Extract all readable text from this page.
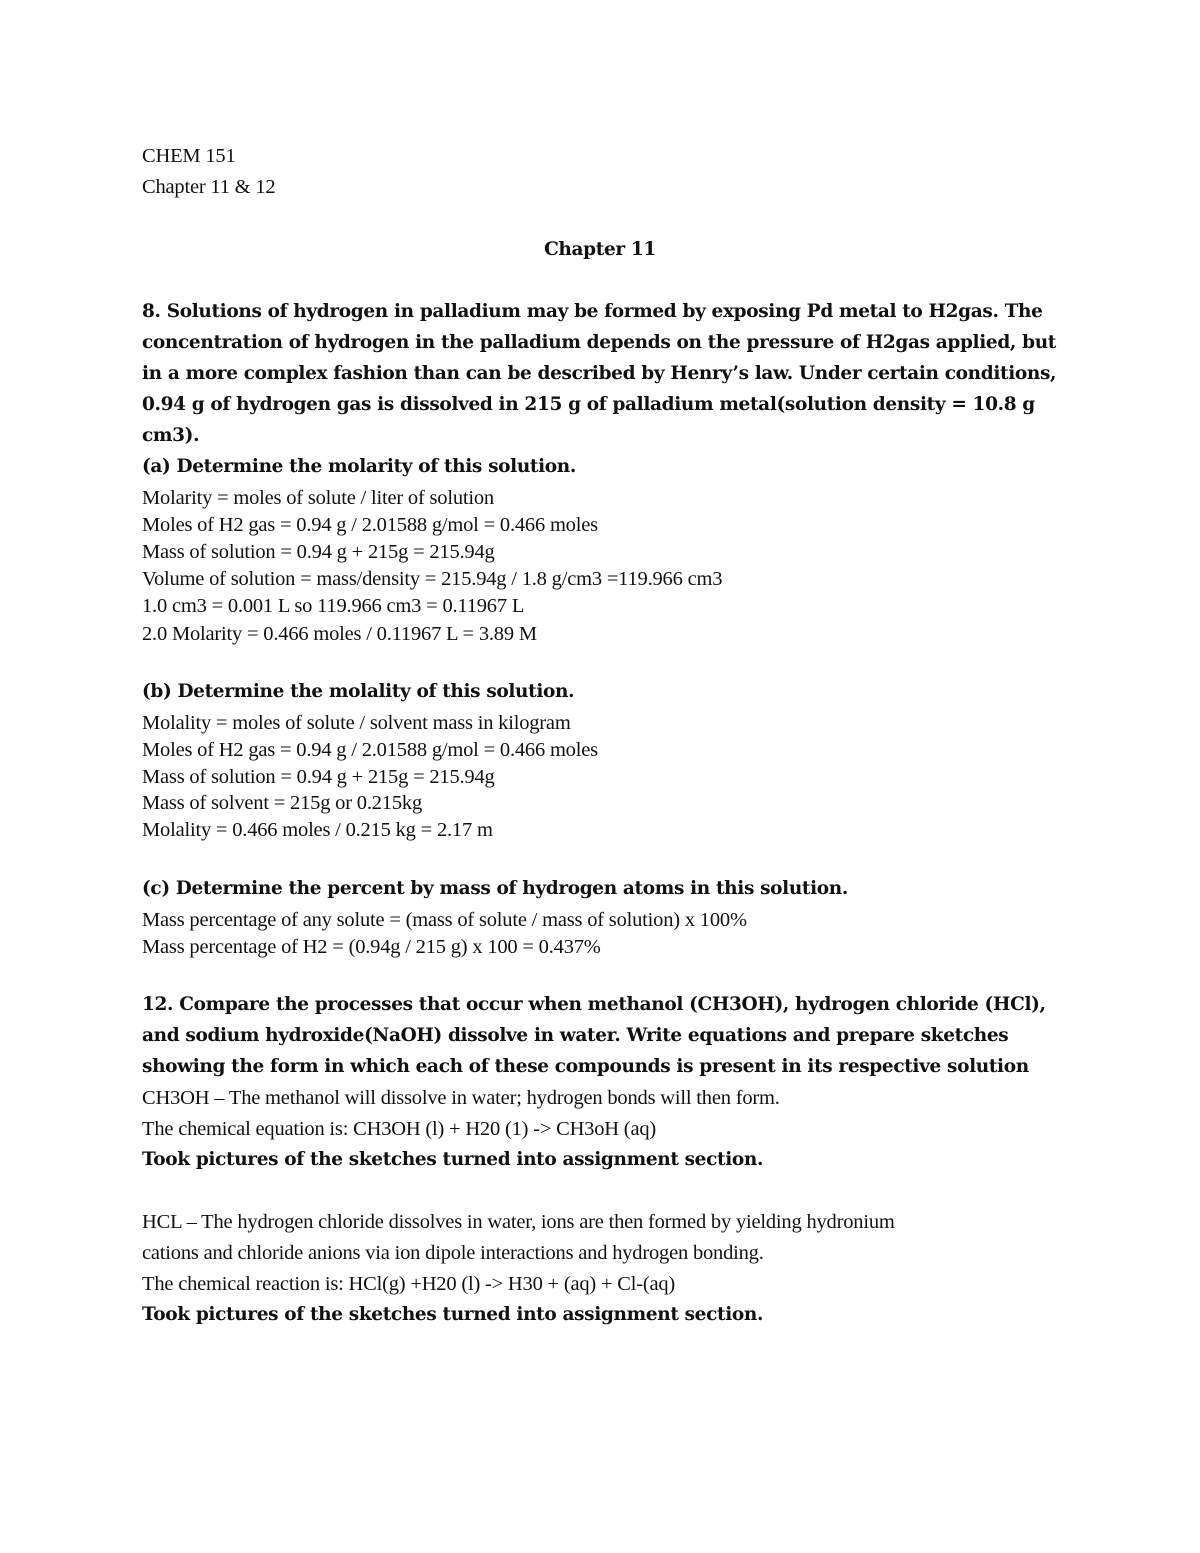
CHEM 151
Chapter 11 & 12
Chapter 11
8. Solutions of hydrogen in palladium may be formed by exposing Pd metal to H2gas. The
concentration of hydrogen in the palladium depends on the pressure of H2gas applied, but
in a more complex fashion than can be described by Henry’s law. Under certain conditions,
0.94 g of hydrogen gas is dissolved in 215 g of palladium metal(solution density = 10.8 g
cm3).
(a) Determine the molarity of this solution.
Molarity = moles of solute / liter of solution
Moles of H2 gas = 0.94 g / 2.01588 g/mol = 0.466 moles
Mass of solution = 0.94 g + 215g = 215.94g
Volume of solution = mass/density = 215.94g / 1.8 g/cm3 =119.966 cm3
1.0 cm3 = 0.001 L so 119.966 cm3 = 0.11967 L
2.0 Molarity = 0.466 moles / 0.11967 L = 3.89 M
(b) Determine the molality of this solution.
Molality = moles of solute / solvent mass in kilogram
Moles of H2 gas = 0.94 g / 2.01588 g/mol = 0.466 moles
Mass of solution = 0.94 g + 215g = 215.94g
Mass of solvent = 215g or 0.215kg
Molality = 0.466 moles / 0.215 kg = 2.17 m
(c) Determine the percent by mass of hydrogen atoms in this solution.
Mass percentage of any solute = (mass of solute / mass of solution) x 100%
Mass percentage of H2 = (0.94g / 215 g) x 100 = 0.437%
12. Compare the processes that occur when methanol (CH3OH), hydrogen chloride (HCl),
and sodium hydroxide(NaOH) dissolve in water. Write equations and prepare sketches
showing the form in which each of these compounds is present in its respective solution
CH3OH – The methanol will dissolve in water; hydrogen bonds will then form.
The chemical equation is: CH3OH (l) + H20 (1) -> CH3oH (aq)
Took pictures of the sketches turned into assignment section.
HCL – The hydrogen chloride dissolves in water, ions are then formed by yielding hydronium
cations and chloride anions via ion dipole interactions and hydrogen bonding.
The chemical reaction is: HCl(g) +H20 (l) -> H30 + (aq) + Cl-(aq)
Took pictures of the sketches turned into assignment section.
